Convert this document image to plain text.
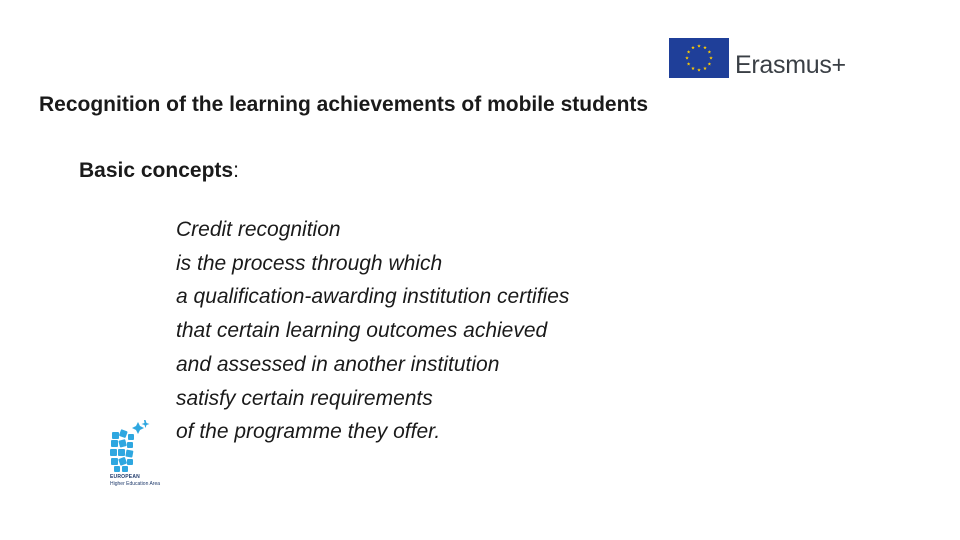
Erasmus+
Recognition of the learning achievements of mobile students

Basic concepts:

Credit recognition
is the process through which
a qualification-awarding institution certifies
that certain learning outcomes achieved
and assessed in another institution
satisfy certain requirements
of the programme they offer.

EUROPEAN
Higher Education Area
